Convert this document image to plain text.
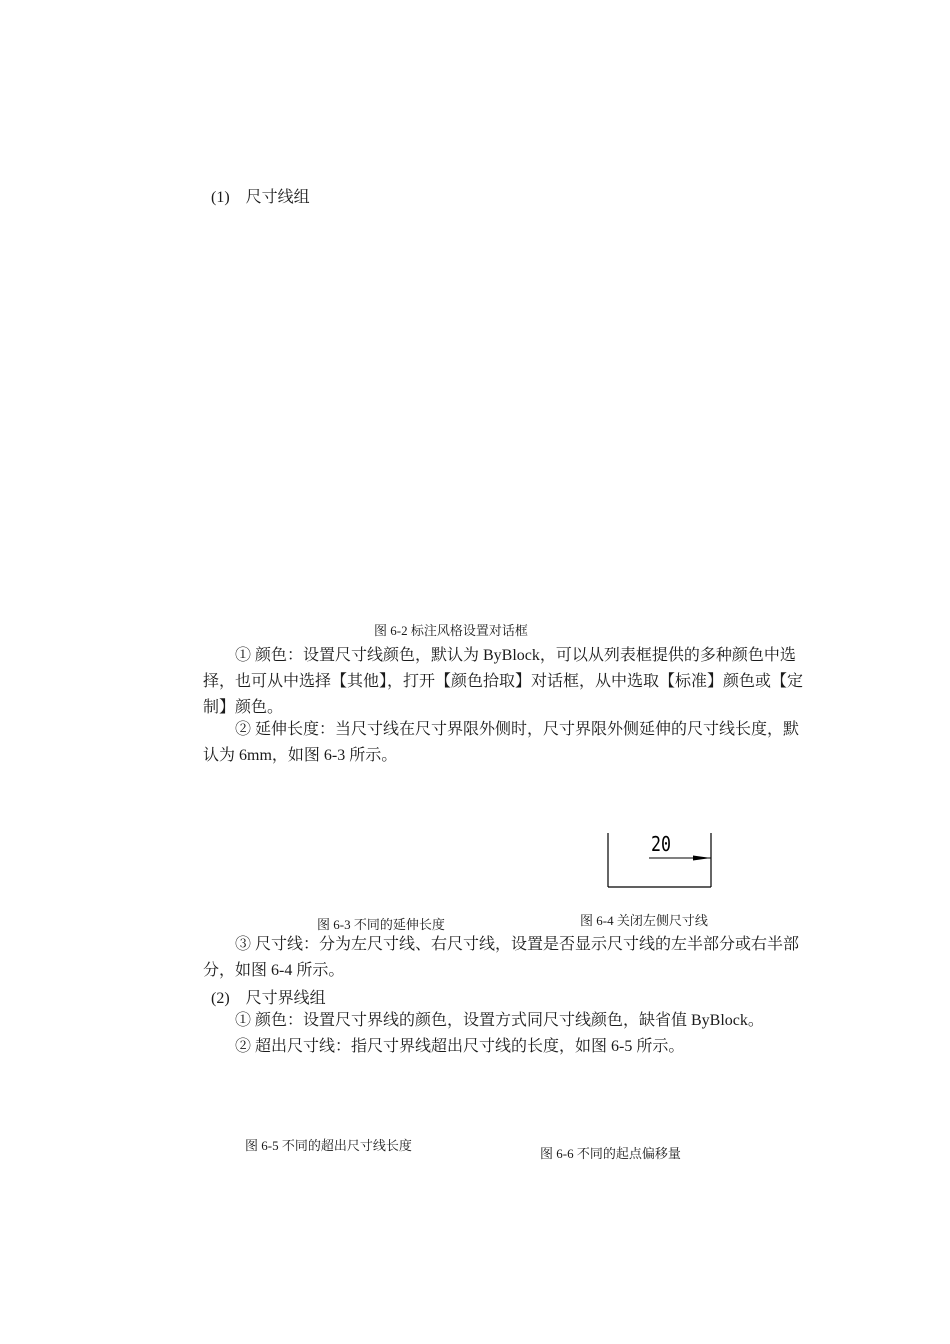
(1)　尺寸线组
图 6-2 标注风格设置对话框
① 颜色：设置尺寸线颜色，默认为 ByBlock，可以从列表框提供的多种颜色中选择，也可从中选择【其他】，打开【颜色拾取】对话框，从中选取【标准】颜色或【定制】颜色。
② 延伸长度：当尺寸线在尺寸界限外侧时，尺寸界限外侧延伸的尺寸线长度，默认为 6mm，如图 6-3 所示。
20
图 6-3 不同的延伸长度	图 6-4 关闭左侧尺寸线
③ 尺寸线：分为左尺寸线、右尺寸线，设置是否显示尺寸线的左半部分或右半部分，如图 6-4 所示。
(2)　尺寸界线组
① 颜色：设置尺寸界线的颜色，设置方式同尺寸线颜色，缺省值 ByBlock。
② 超出尺寸线：指尺寸界线超出尺寸线的长度，如图 6-5 所示。
图 6-5 不同的超出尺寸线长度
图 6-6 不同的起点偏移量
